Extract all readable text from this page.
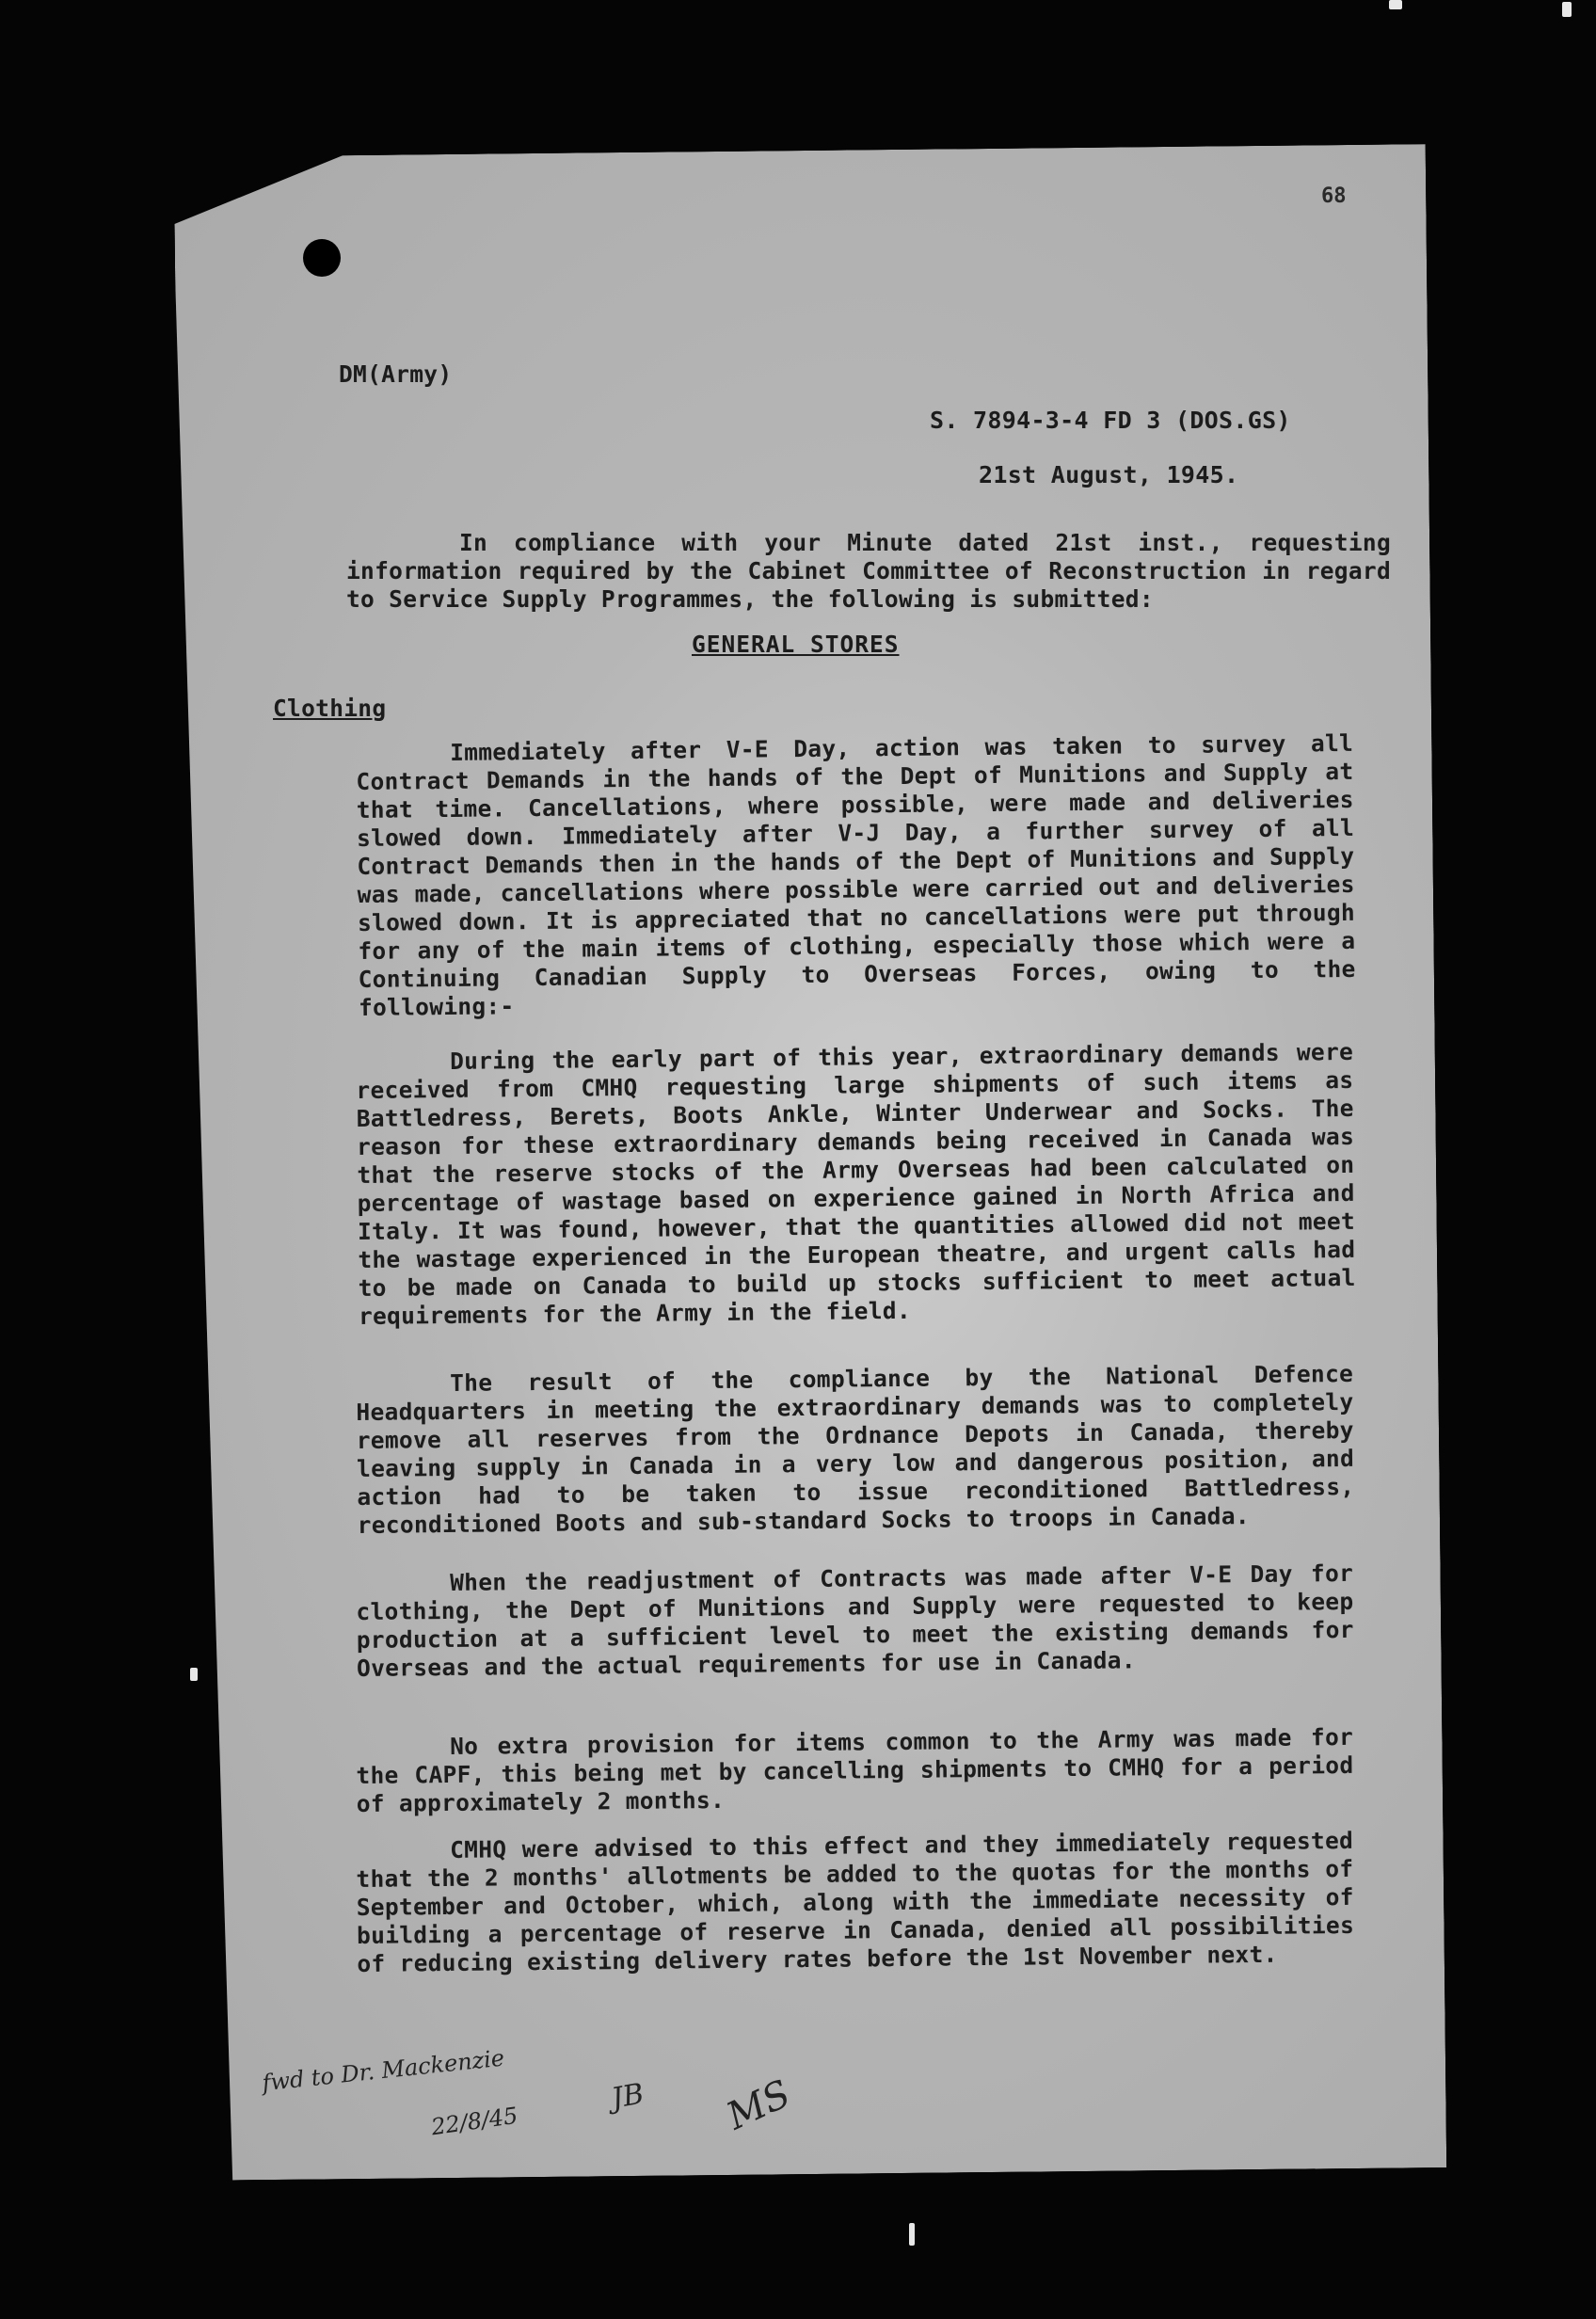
68
DM(Army)
S. 7894-3-4 FD 3 (DOS.GS)
21st August, 1945.
In compliance with your Minute dated 21st inst., requesting information required by the Cabinet Committee of Reconstruction in regard to Service Supply Programmes, the following is submitted:
GENERAL STORES
Clothing
Immediately after V-E Day, action was taken to survey all Contract Demands in the hands of the Dept of Munitions and Supply at that time. Cancellations, where possible, were made and deliveries slowed down. Immediately after V-J Day, a further survey of all Contract Demands then in the hands of the Dept of Munitions and Supply was made, cancellations where possible were carried out and deliveries slowed down. It is appreciated that no cancellations were put through for any of the main items of clothing, especially those which were a Continuing Canadian Supply to Overseas Forces, owing to the following:-
During the early part of this year, extraordinary demands were received from CMHQ requesting large shipments of such items as Battledress, Berets, Boots Ankle, Winter Underwear and Socks. The reason for these extraordinary demands being received in Canada was that the reserve stocks of the Army Overseas had been calculated on percentage of wastage based on experience gained in North Africa and Italy. It was found, however, that the quantities allowed did not meet the wastage experienced in the European theatre, and urgent calls had to be made on Canada to build up stocks sufficient to meet actual requirements for the Army in the field.
The result of the compliance by the National Defence Headquarters in meeting the extraordinary demands was to completely remove all reserves from the Ordnance Depots in Canada, thereby leaving supply in Canada in a very low and dangerous position, and action had to be taken to issue reconditioned Battledress, reconditioned Boots and sub-standard Socks to troops in Canada.
When the readjustment of Contracts was made after V-E Day for clothing, the Dept of Munitions and Supply were requested to keep production at a sufficient level to meet the existing demands for Overseas and the actual requirements for use in Canada.
No extra provision for items common to the Army was made for the CAPF, this being met by cancelling shipments to CMHQ for a period of approximately 2 months.
CMHQ were advised to this effect and they immediately requested that the 2 months' allotments be added to the quotas for the months of September and October, which, along with the immediate necessity of building a percentage of reserve in Canada, denied all possibilities of reducing existing delivery rates before the 1st November next.
fwd to Dr. Mackenzie
22/8/45
JB MS
